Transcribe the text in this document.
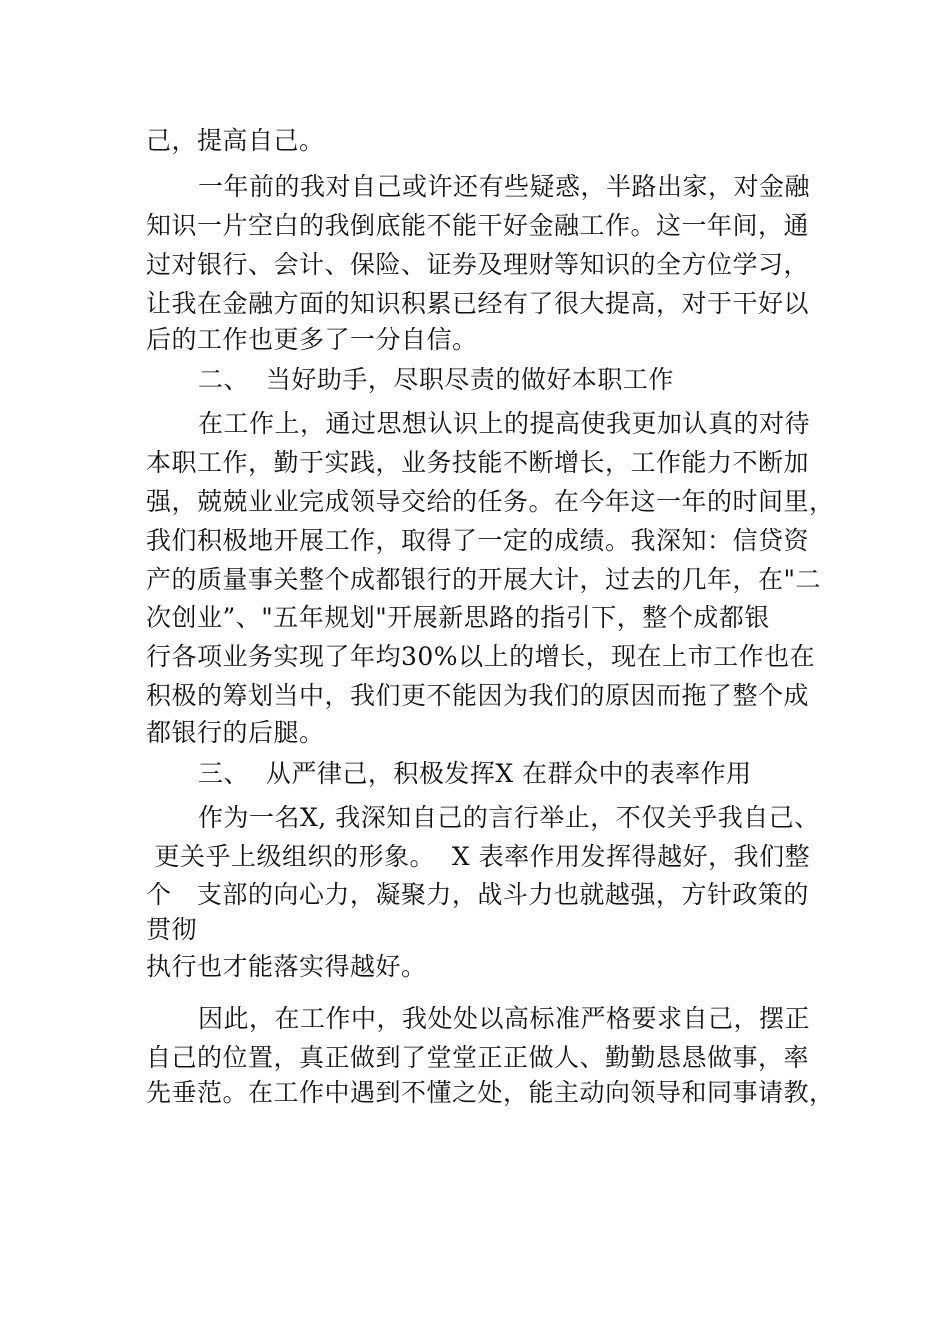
己，提高自己。
一年前的我对自己或许还有些疑惑，半路出家，对金融
知识一片空白的我倒底能不能干好金融工作。这一年间，通
过对银行、会计、保险、证券及理财等知识的全方位学习，
让我在金融方面的知识积累已经有了很大提高，对于干好以
后的工作也更多了一分自信。
二、  当好助手，尽职尽责的做好本职工作
在工作上，通过思想认识上的提高使我更加认真的对待
本职工作，勤于实践，业务技能不断增长，工作能力不断加
强，兢兢业业完成领导交给的任务。在今年这一年的时间里，
我们积极地开展工作，取得了一定的成绩。我深知：信贷资
产的质量事关整个成都银行的开展大计，过去的几年，在"二
次创业”、"五年规划"开展新思路的指引下，整个成都银
行各项业务实现了年均30%以上的增长，现在上市工作也在
积极的筹划当中，我们更不能因为我们的原因而拖了整个成
都银行的后腿。
三、  从严律己，积极发挥X 在群众中的表率作用
作为一名X, 我深知自己的言行举止，不仅关乎我自己、
更关乎上级组织的形象。  X 表率作用发挥得越好，我们整
个   支部的向心力，凝聚力，战斗力也就越强，方针政策的
贯彻
执行也才能落实得越好。
因此，在工作中，我处处以高标准严格要求自己，摆正
自己的位置，真正做到了堂堂正正做人、勤勤恳恳做事，率
先垂范。在工作中遇到不懂之处，能主动向领导和同事请教，
